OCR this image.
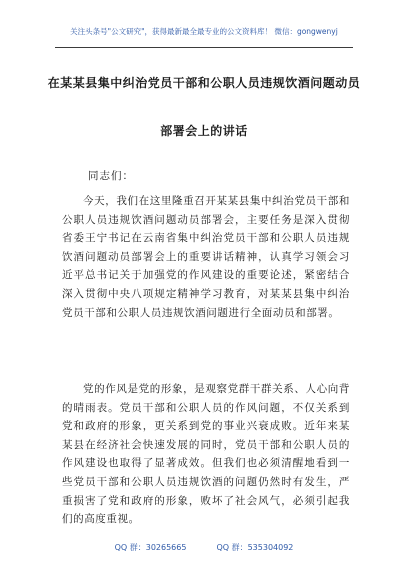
关注头条号"公文研究"，获得最新最全最专业的公文资料库！ 微信：gongwenyj
在某某县集中纠治党员干部和公职人员违规饮酒问题动员
部署会上的讲话
同志们：

今天，我们在这里隆重召开某某县集中纠治党员干部和公职人员违规饮酒问题动员部署会，主要任务是深入贯彻省委王宁书记在云南省集中纠治党员干部和公职人员违规饮酒问题动员部署会上的重要讲话精神，认真学习领会习近平总书记关于加强党的作风建设的重要论述，紧密结合深入贯彻中央八项规定精神学习教育，对某某县集中纠治党员干部和公职人员违规饮酒问题进行全面动员和部署。

党的作风是党的形象，是观察党群干群关系、人心向背的晴雨表。党员干部和公职人员的作风问题，不仅关系到党和政府的形象，更关系到党的事业兴衰成败。近年来某某县在经济社会快速发展的同时，党员干部和公职人员的作风建设也取得了显著成效。但我们也必须清醒地看到一些党员干部和公职人员违规饮酒的问题仍然时有发生，严重损害了党和政府的形象，败坏了社会风气，必须引起我们的高度重视。

QQ 群：30265665	QQ 群：535304092
